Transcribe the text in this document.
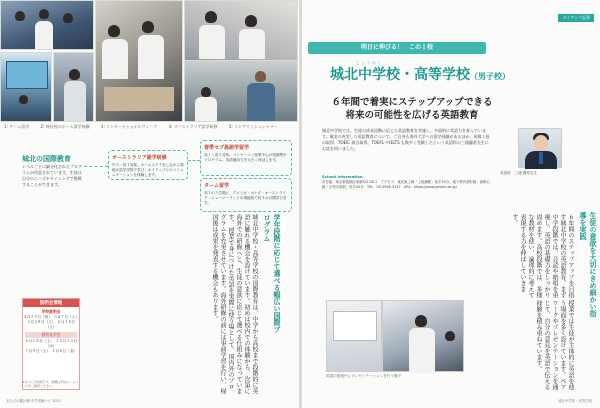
1: チーム留学	2: 伸長校のホーム留学体験	3: インターナショナルウィーク	4: オーストラリア語学研修	5: イングリッシュシャワー
城北の国際教育
レベルごとに細分化されたプログラムが用意されています。生徒は自分のニーズやタイミングで挑戦することができます。
オーストラリア語学研修

中３〜高１対象。ホームステイをしながら現地の語学学校で学び、ネイティブとのコミュニケーションを体験します。

春季セブ島語学留学

高１〜高２対象。マンツーマン授業中心の短期集中プログラム。英語運用力を大きく伸ばします。

ターム留学

高１の３学期に、アメリカ・カナダ・オーストラリア・ニュージーランドの現地校で約３か月間学びます。

学年段階に応じて選べる幅広い国際プログラム
城北中学校・高等学校の国際教育は、中学から高校まで段階的に英語に触れる機会を設けています。初めは校内での体験から、次第に海外での研修へと、生徒の意欲に応じて選べる仕組みになっています。 授業で身につけた英語を実際に使う場として、国内外のプログラムを充実させています。海外研修の前には事前学習を行い、帰国後は成果を発表する機会もあります。
説明会情報
学校説明会
４月２９日（祝）　５月７日（土）
５月２８日（土）　６月１８日（土）
個別見学会
６月１８日（土）　１２月１４日（水）
７月９日（土）　１月６日（金）
※すべて予約制です。詳細は学校ホームページをご確認ください。
まなびの羅針盤 中学受験ナビ 2022
タイアップ記事
明日に伸びる！　この１校
じょうほく
城北中学校・高等学校（男子校）
６年間で着実にステップアップできる
将来の可能性を広げる英語教育
城北中学校では、生徒の成長段階に応じた英語教育を実施し、多面的に英語力を育んでいます。城北の充実した英語教育について、ご自身も海外大学への留学経験があるほか、英検１級の取得、TOEIC 満点取得、TOEFL やIELTS も数多く受験したという英語科の三浦優希先生にお話を伺いました。
School information
所在地：東京都板橋区東新町2-28-1　アクセス：東武東上線「上板橋駅」徒歩10分、地下鉄有楽町線・副都心線「小竹向原駅」徒歩20分　TEL：03-3956-3157　URL：https://www.johoku.ac.jp/
英語科　三浦 優希先生
生徒の意欲を大切にきめ細かい指導を実践
６年間のステップアップを目指す城北中学校の英語教育。まず中学段階では、音読や暗唱を重視し、英語の基礎力をしっかり固めます。高校段階では、多様な教材を使い、論理的に考えて表現する力を伸ばしていきます。
授業では生徒が主体的に英語を使う場面を多く設けています。ペアワークやプレゼンテーションを通じて、自分の意見を英語で伝える経験を積み重ねています。
英語の授業中にプレゼンテーションを行う様子
城北中学校・高等学校
